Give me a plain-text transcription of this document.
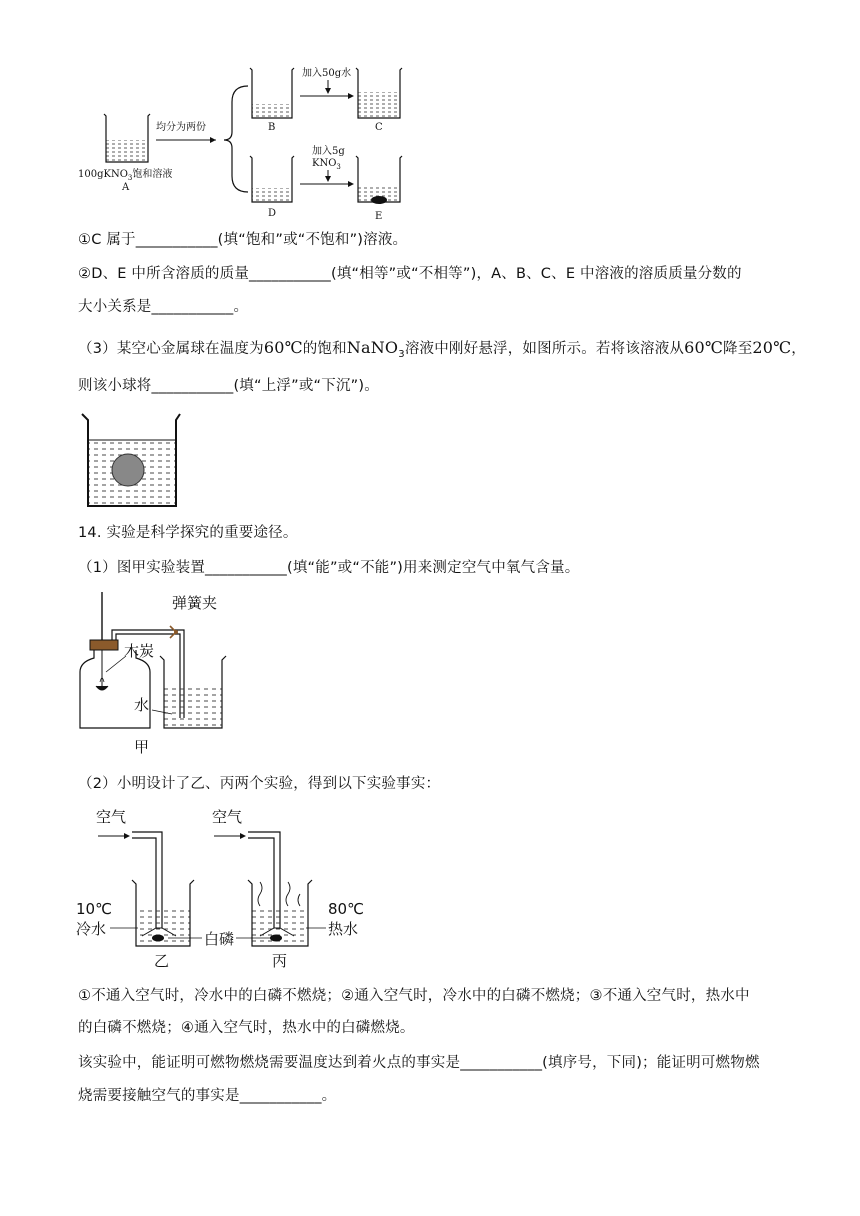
100gKNO$_3$饱和溶液
A
均分为两份	B
加入50g水
C
D
加入5g
$KNO_3$
E
①C 属于___________(填“饱和”或“不饱和”)溶液。
②D、E 中所含溶质的质量___________(填“相等”或“不相等”)，A、B、C、E 中溶液的溶质质量分数的
大小关系是___________。
（3）某空心金属球在温度为60℃的饱和NaNO$_3$溶液中刚好悬浮，如图所示。若将该溶液从60℃降至20℃，
则该小球将___________(填“上浮”或“下沉”)。
14. 实验是科学探究的重要途径。
（1）图甲实验装置___________(填“能”或“不能”)用来测定空气中氧气含量。
弹簧夹
木炭
水
甲
（2）小明设计了乙、丙两个实验，得到以下实验事实：
空气
10℃
冷水
乙
白磷
空气
80℃
热水
丙
①不通入空气时，冷水中的白磷不燃烧；②通入空气时，冷水中的白磷不燃烧；③不通入空气时，热水中
的白磷不燃烧；④通入空气时，热水中的白磷燃烧。
该实验中，能证明可燃物燃烧需要温度达到着火点的事实是___________(填序号，下同)；能证明可燃物燃
烧需要接触空气的事实是___________。
